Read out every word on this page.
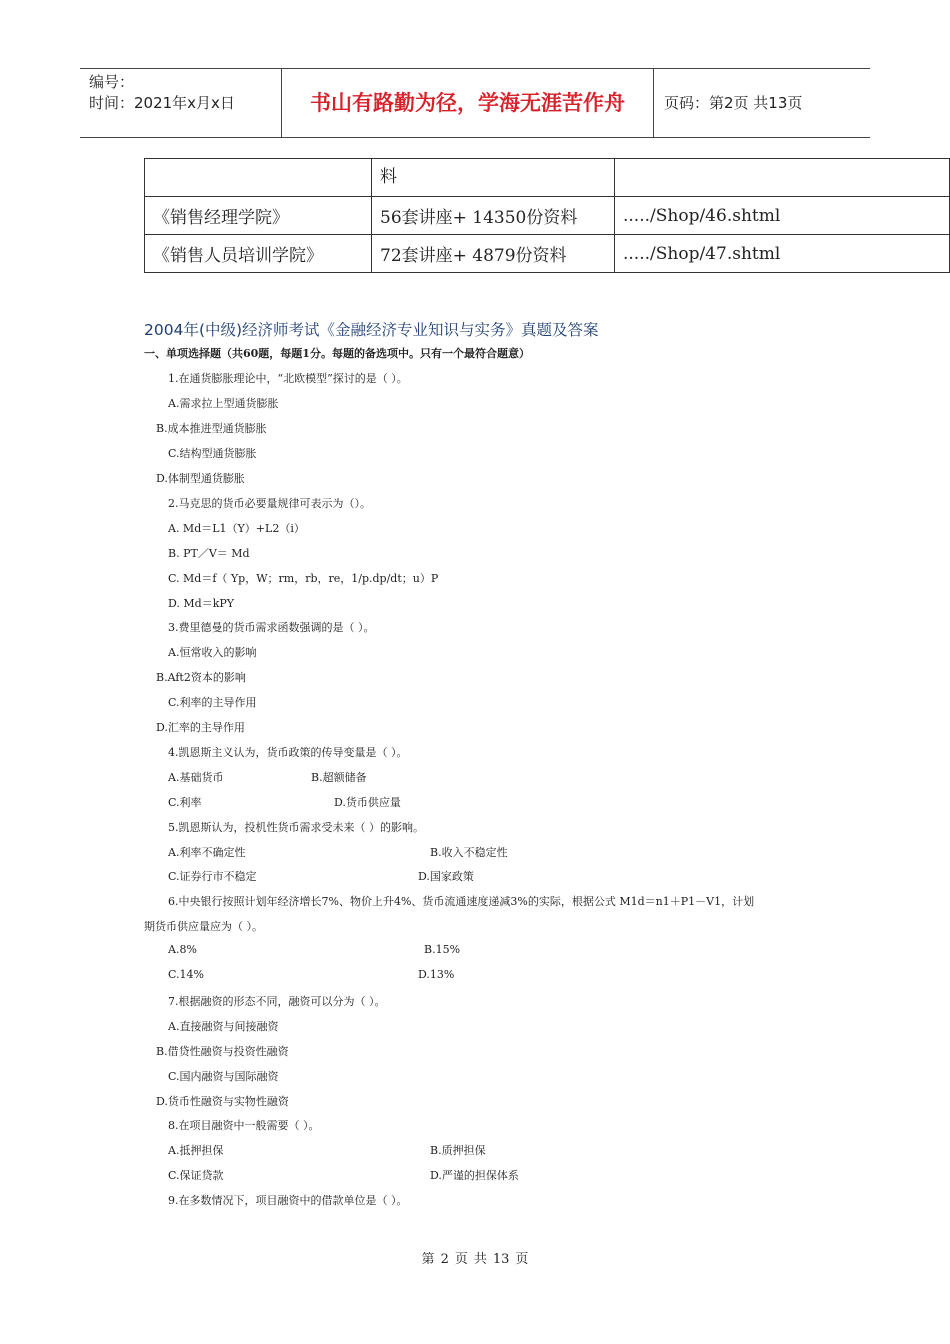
编号：
时间：2021年x月x日	书山有路勤为径，学海无涯苦作舟	页码：第2页 共13页
	料	
《销售经理学院》	56套讲座+ 14350份资料	...../Shop/46.shtml
《销售人员培训学院》	72套讲座+ 4879份资料	...../Shop/47.shtml
2004年(中级)经济师考试《金融经济专业知识与实务》真题及答案
一、单项选择题（共60题，每题1分。每题的备选项中。只有一个最符合题意）
1.在通货膨胀理论中，“北欧模型”探讨的是（ ）。
A.需求拉上型通货膨胀
B.成本推进型通货膨胀
C.结构型通货膨胀
D.体制型通货膨胀
2.马克思的货币必要量规律可表示为（）。
A. Md＝L1（Y）+L2（i）
B. PT／V＝ Md
C. Md＝f（ Yp，W；rm，rb，re，1/p.dp/dt；u）P
D. Md＝kPY
3.费里德曼的货币需求函数强调的是（ ）。
A.恒常收入的影响
B.Aft2资本的影响
C.利率的主导作用
D.汇率的主导作用
4.凯恩斯主义认为，货币政策的传导变量是（ ）。
A.基础货币	B.超额储备
C.利率	D.货币供应量
5.凯恩斯认为，投机性货币需求受未来（ ）的影响。
A.利率不确定性	B.收入不稳定性
C.证券行市不稳定	D.国家政策
6.中央银行按照计划年经济增长7%、物价上升4%、货币流通速度递减3%的实际，根据公式 M1d＝n1＋P1－V1，计划
期货币供应量应为（ ）。
A.8%	B.15%
C.14%	D.13%
7.根据融资的形态不同，融资可以分为（ ）。
A.直接融资与间接融资
B.借贷性融资与投资性融资
C.国内融资与国际融资
D.货币性融资与实物性融资
8.在项目融资中一般需要（ ）。
A.抵押担保	B.质押担保
C.保证贷款	D.严谨的担保体系
9.在多数情况下，项目融资中的借款单位是（ ）。
第 2 页 共 13 页
